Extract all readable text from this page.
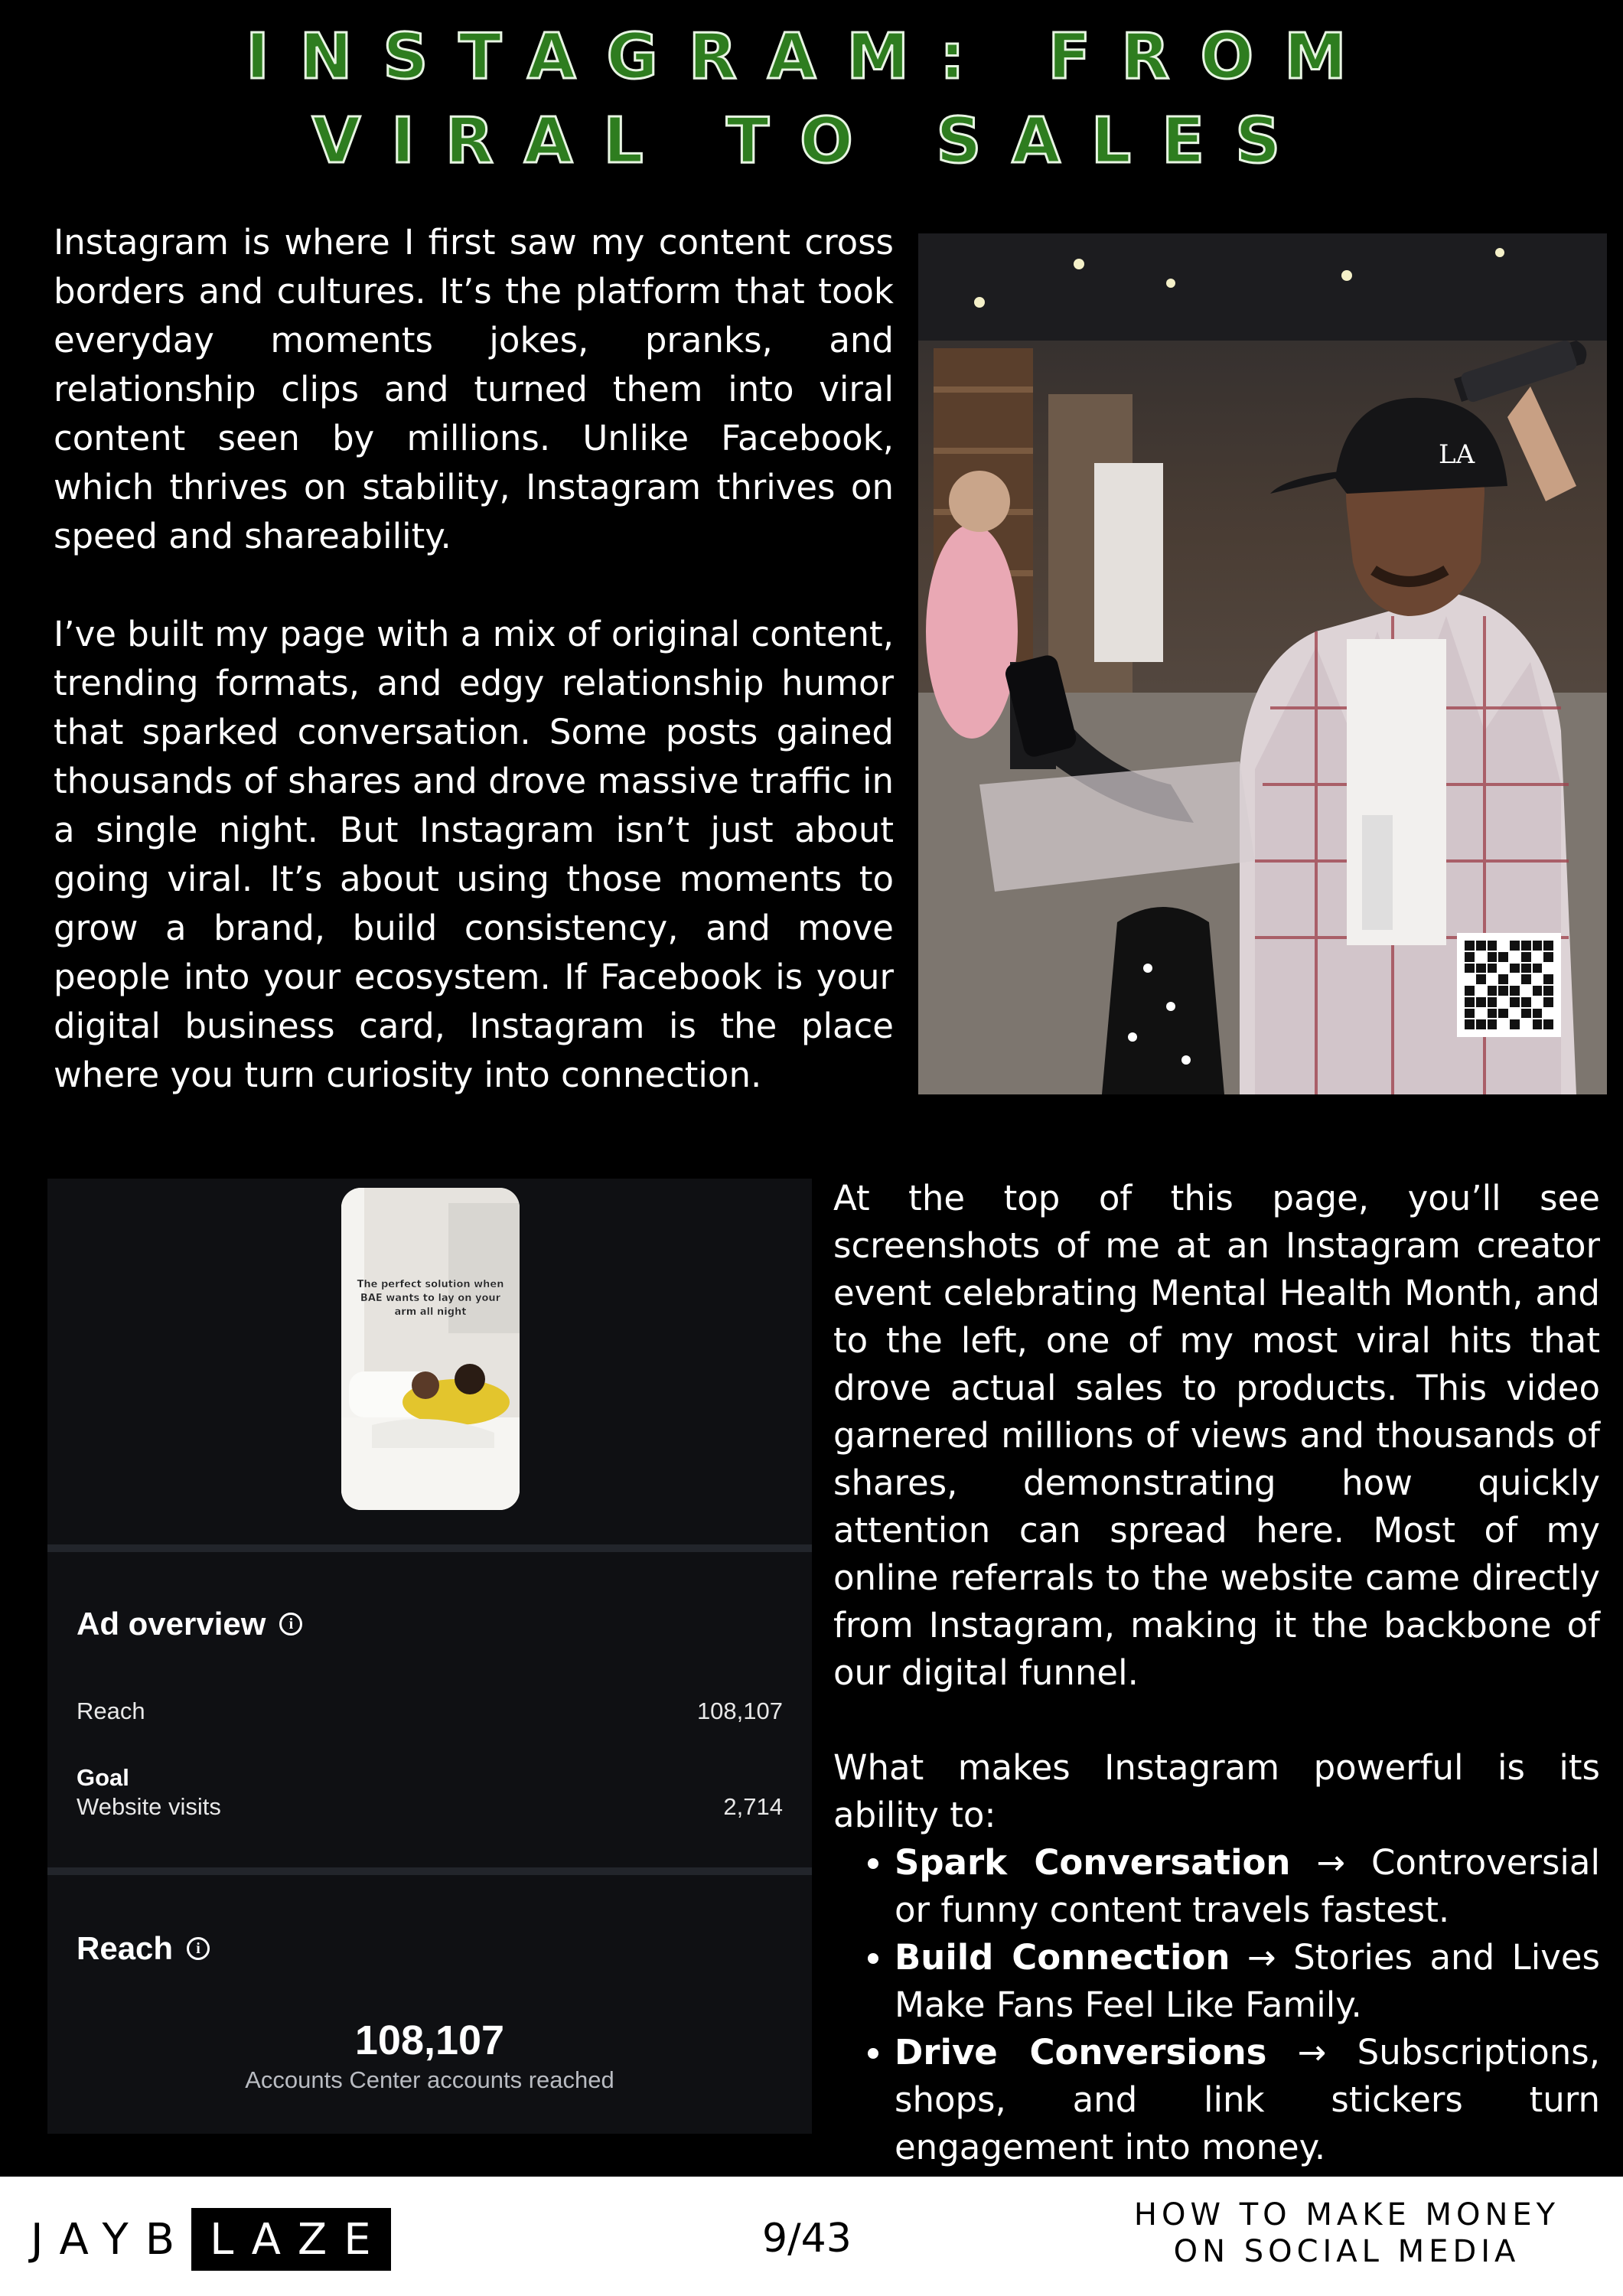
INSTAGRAM: FROM
VIRAL TO SALES

Instagram is where I first saw my content cross borders and cultures. It’s the platform that took everyday moments jokes, pranks, and relationship clips and turned them into viral content seen by millions. Unlike Facebook, which thrives on stability, Instagram thrives on speed and shareability.

I’ve built my page with a mix of original content, trending formats, and edgy relationship humor that sparked conversation. Some posts gained thousands of shares and drove massive traffic in a single night. But Instagram isn’t just about going viral. It’s about using those moments to grow a brand, build consistency, and move people into your ecosystem. If Facebook is your digital business card, Instagram is the place where you turn curiosity into connection.

LA
The perfect solution when BAE wants to lay on your arm all night
Ad overview	i
Reach	108,107
Goal
Website visits	2,714
Reach	i
108,107
Accounts Center accounts reached

At the top of this page, you’ll see screenshots of me at an Instagram creator event celebrating Mental Health Month, and to the left, one of my most viral hits that drove actual sales to products. This video garnered millions of views and thousands of shares, demonstrating how quickly attention can spread here. Most of my online referrals to the website came directly from Instagram, making it the backbone of our digital funnel.

What makes Instagram powerful is its ability to:

• Spark Conversation → Controversial or funny content travels fastest.
• Build Connection → Stories and Lives Make Fans Feel Like Family.
• Drive Conversions → Subscriptions, shops, and link stickers turn engagement into money.
JAYB LAZE	9/43
HOW TO MAKE MONEY
ON SOCIAL MEDIA
